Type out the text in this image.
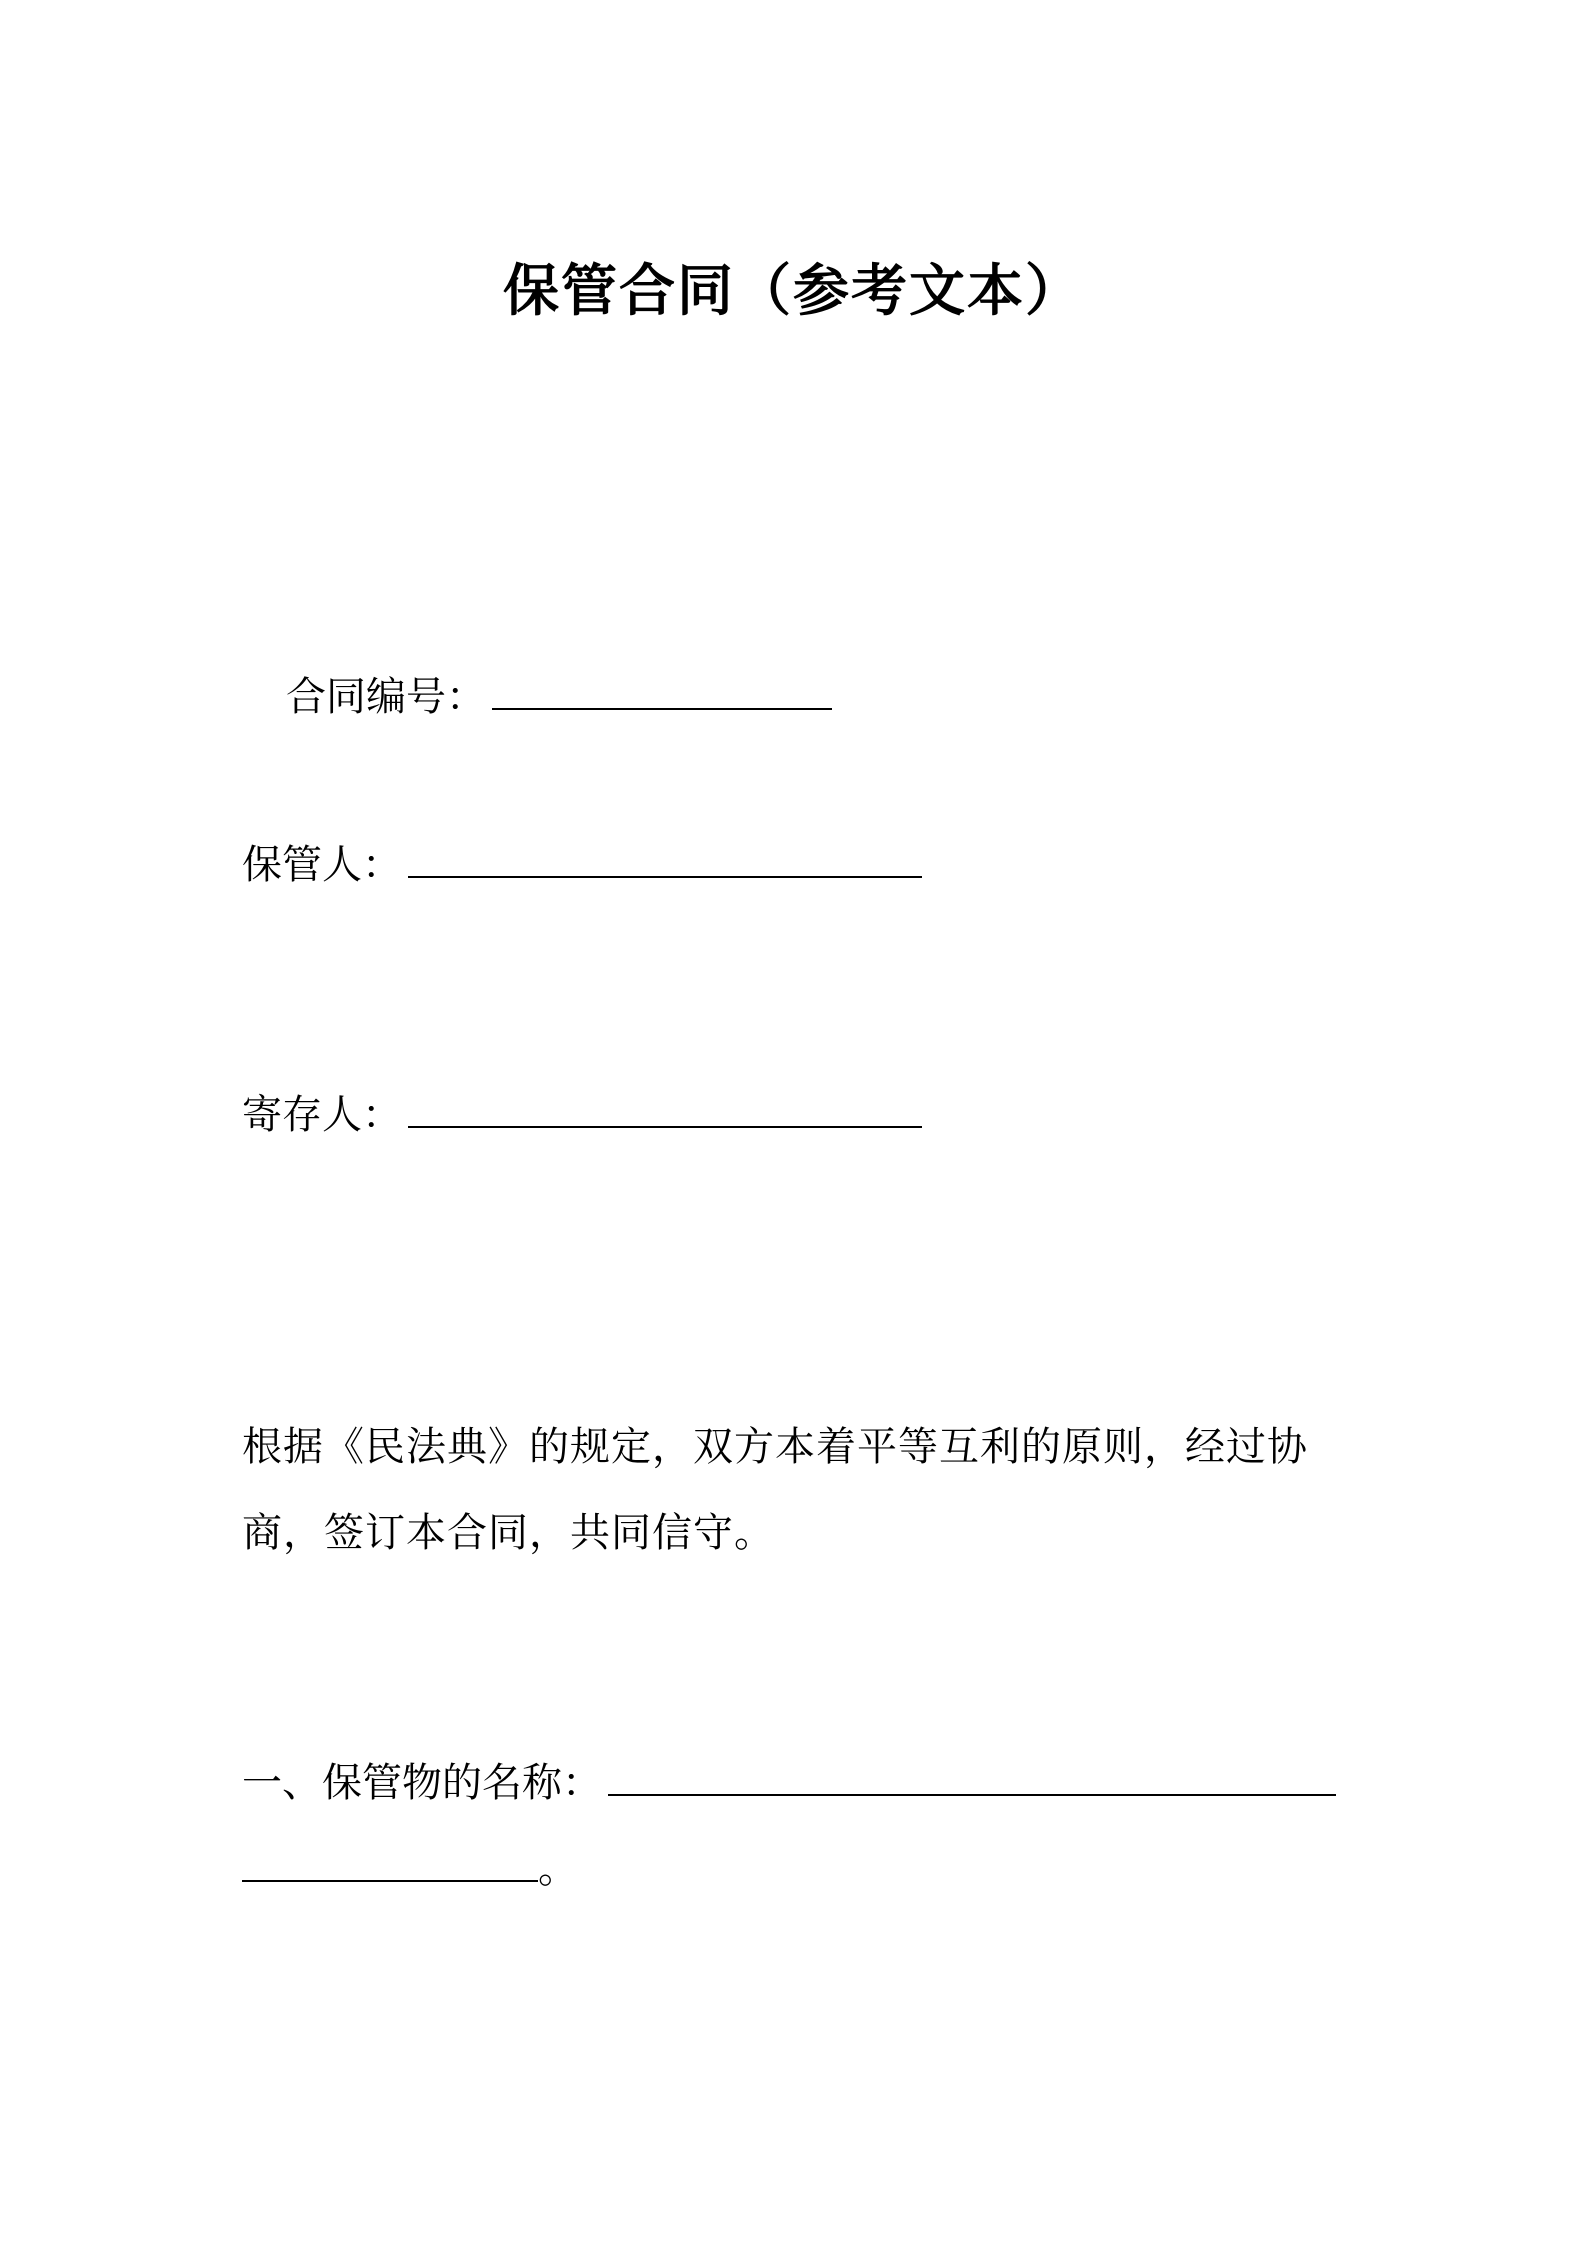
保管合同（参考文本）
合同编号：
保管人：
寄存人：
根据《民法典》的规定，双方本着平等互利的原则，经过协
商，签订本合同，共同信守。
一、保管物的名称：
。
